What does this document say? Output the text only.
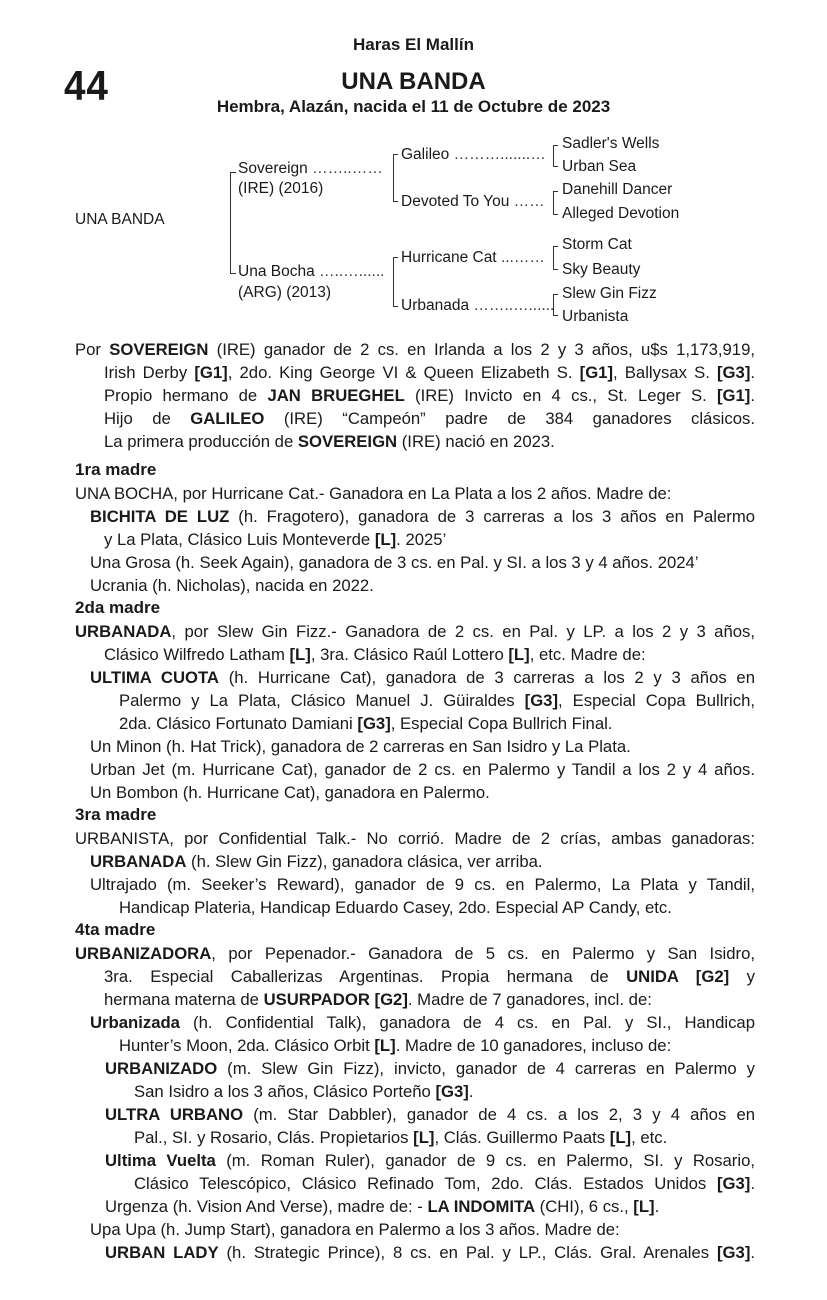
Haras El Mallín
44	UNA BANDA
Hembra, Alazán, nacida el 11 de Octubre de 2023
UNA BANDA
Sovereign ……..……
(IRE) (2016)
Una Bocha …..…......
(ARG) (2013)
Galileo ……….......…
Devoted To You ……
Hurricane Cat ...……
Urbanada ……..…......
Sadler's Wells
Urban Sea
Danehill Dancer
Alleged Devotion
Storm Cat
Sky Beauty
Slew Gin Fizz
Urbanista
Por SOVEREIGN (IRE) ganador de 2 cs. en Irlanda a los 2 y 3 años, u$s 1,173,919,
Irish Derby [G1], 2do. King George VI & Queen Elizabeth S. [G1], Ballysax S. [G3].
Propio hermano de JAN BRUEGHEL (IRE) Invicto en 4 cs., St. Leger S. [G1].
Hijo de GALILEO (IRE) “Campeón” padre de 384 ganadores clásicos.
La primera producción de SOVEREIGN (IRE) nació en 2023.
1ra madre
UNA BOCHA, por Hurricane Cat.- Ganadora en La Plata a los 2 años. Madre de:
BICHITA DE LUZ (h. Fragotero), ganadora de 3 carreras a los 3 años en Palermo
y La Plata, Clásico Luis Monteverde [L]. 2025’
Una Grosa (h. Seek Again), ganadora de 3 cs. en Pal. y SI. a los 3 y 4 años. 2024’
Ucrania (h. Nicholas), nacida en 2022.
2da madre
URBANADA, por Slew Gin Fizz.- Ganadora de 2 cs. en Pal. y LP. a los 2 y 3 años,
Clásico Wilfredo Latham [L], 3ra. Clásico Raúl Lottero [L], etc. Madre de:
ULTIMA CUOTA (h. Hurricane Cat), ganadora de 3 carreras a los 2 y 3 años en
Palermo y La Plata, Clásico Manuel J. Güiraldes [G3], Especial Copa Bullrich,
2da. Clásico Fortunato Damiani [G3], Especial Copa Bullrich Final.
Un Minon (h. Hat Trick), ganadora de 2 carreras en San Isidro y La Plata.
Urban Jet (m. Hurricane Cat), ganador de 2 cs. en Palermo y Tandil a los 2 y 4 años.
Un Bombon (h. Hurricane Cat), ganadora en Palermo.
3ra madre
URBANISTA, por Confidential Talk.- No corrió. Madre de 2 crías, ambas ganadoras:
URBANADA (h. Slew Gin Fizz), ganadora clásica, ver arriba.
Ultrajado (m. Seeker’s Reward), ganador de 9 cs. en Palermo, La Plata y Tandil,
Handicap Plateria, Handicap Eduardo Casey, 2do. Especial AP Candy, etc.
4ta madre
URBANIZADORA, por Pepenador.- Ganadora de 5 cs. en Palermo y San Isidro,
3ra. Especial Caballerizas Argentinas. Propia hermana de UNIDA [G2] y
hermana materna de USURPADOR [G2]. Madre de 7 ganadores, incl. de:
Urbanizada (h. Confidential Talk), ganadora de 4 cs. en Pal. y SI., Handicap
Hunter’s Moon, 2da. Clásico Orbit [L]. Madre de 10 ganadores, incluso de:
URBANIZADO (m. Slew Gin Fizz), invicto, ganador de 4 carreras en Palermo y
San Isidro a los 3 años, Clásico Porteño [G3].
ULTRA URBANO (m. Star Dabbler), ganador de 4 cs. a los 2, 3 y 4 años en
Pal., SI. y Rosario, Clás. Propietarios [L], Clás. Guillermo Paats [L], etc.
Ultima Vuelta (m. Roman Ruler), ganador de 9 cs. en Palermo, SI. y Rosario,
Clásico Telescópico, Clásico Refinado Tom, 2do. Clás. Estados Unidos [G3].
Urgenza (h. Vision And Verse), madre de: - LA INDOMITA (CHI), 6 cs., [L].
Upa Upa (h. Jump Start), ganadora en Palermo a los 3 años. Madre de:
URBAN LADY (h. Strategic Prince), 8 cs. en Pal. y LP., Clás. Gral. Arenales [G3].
